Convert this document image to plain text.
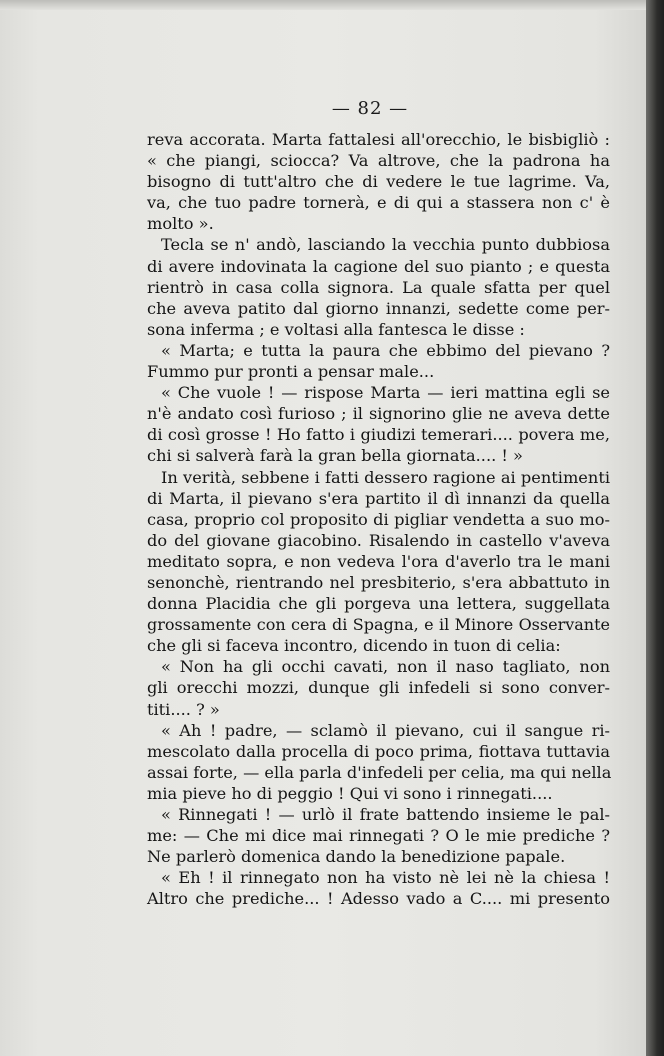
— 82 —
reva accorata. Marta fattalesi all'orecchio, le bisbigliò :
« che piangi, sciocca? Va altrove, che la padrona ha
bisogno di tutt'altro che di vedere le tue lagrime. Va,
va, che tuo padre tornerà, e di qui a stassera non c' è
molto ».
Tecla se n' andò, lasciando la vecchia punto dubbiosa
di avere indovinata la cagione del suo pianto ; e questa
rientrò in casa colla signora. La quale sfatta per quel
che aveva patito dal giorno innanzi, sedette come per-
sona inferma ; e voltasi alla fantesca le disse :
« Marta; e tutta la paura che ebbimo del pievano ?
Fummo pur pronti a pensar male...
« Che vuole ! — rispose Marta — ieri mattina egli se
n'è andato così furioso ; il signorino glie ne aveva dette
di così grosse ! Ho fatto i giudizi temerari.... povera me,
chi si salverà farà la gran bella giornata.... ! »
In verità, sebbene i fatti dessero ragione ai pentimenti
di Marta, il pievano s'era partito il dì innanzi da quella
casa, proprio col proposito di pigliar vendetta a suo mo-
do del giovane giacobino. Risalendo in castello v'aveva
meditato sopra, e non vedeva l'ora d'averlo tra le mani
senonchè, rientrando nel presbiterio, s'era abbattuto in
donna Placidia che gli porgeva una lettera, suggellata
grossamente con cera di Spagna, e il Minore Osservante
che gli si faceva incontro, dicendo in tuon di celia:
« Non ha gli occhi cavati, non il naso tagliato, non
gli orecchi mozzi, dunque gli infedeli si sono conver-
titi.... ? »
« Ah ! padre, — sclamò il pievano, cui il sangue ri-
mescolato dalla procella di poco prima, fiottava tuttavia
assai forte, — ella parla d'infedeli per celia, ma qui nella
mia pieve ho di peggio ! Qui vi sono i rinnegati....
« Rinnegati ! — urlò il frate battendo insieme le pal-
me: — Che mi dice mai rinnegati ? O le mie prediche ?
Ne parlerò domenica dando la benedizione papale.
« Eh ! il rinnegato non ha visto nè lei nè la chiesa !
Altro che prediche... ! Adesso vado a C.... mi presento
